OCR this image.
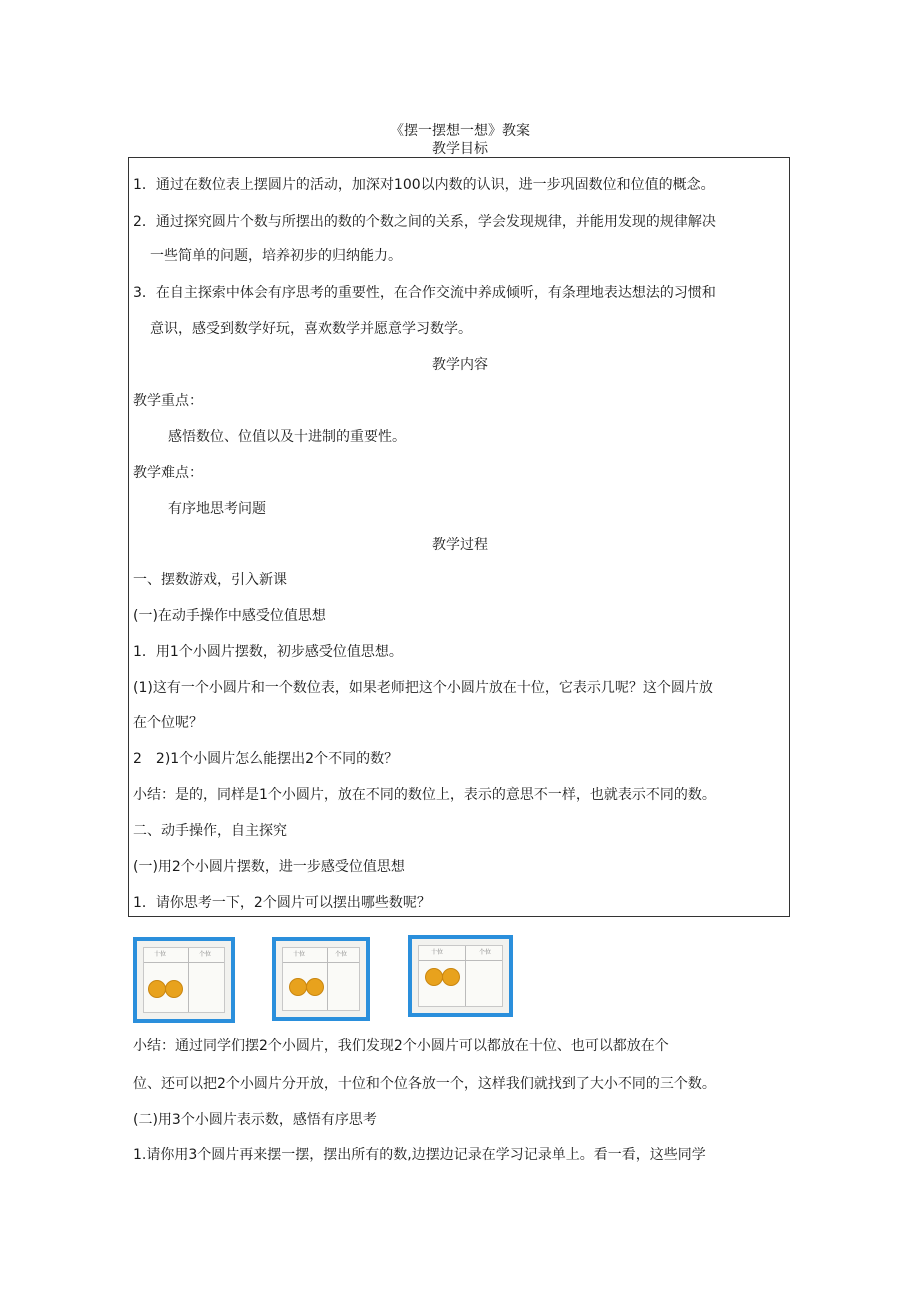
《摆一摆想一想》教案
教学目标
1．通过在数位表上摆圆片的活动，加深对100以内数的认识，进一步巩固数位和位值的概念。
2．通过探究圆片个数与所摆出的数的个数之间的关系，学会发现规律，并能用发现的规律解决
一些简单的问题，培养初步的归纳能力。
3．在自主探索中体会有序思考的重要性，在合作交流中养成倾听，有条理地表达想法的习惯和
意识，感受到数学好玩，喜欢数学并愿意学习数学。
教学内容
教学重点：
感悟数位、位值以及十进制的重要性。
教学难点：
有序地思考问题
教学过程
一、摆数游戏，引入新课
(一)在动手操作中感受位值思想
1．用1个小圆片摆数，初步感受位值思想。
(1)这有一个小圆片和一个数位表，如果老师把这个小圆片放在十位，它表示几呢？这个圆片放
在个位呢？
2　2)1个小圆片怎么能摆出2个不同的数？
小结：是的，同样是1个小圆片，放在不同的数位上，表示的意思不一样，也就表示不同的数。
二、动手操作，自主探究
(一)用2个小圆片摆数，进一步感受位值思想
1．请你思考一下，2个圆片可以摆出哪些数呢？
十位	个位	十位	个位	十位	个位
小结：通过同学们摆2个小圆片，我们发现2个小圆片可以都放在十位、也可以都放在个
位、还可以把2个小圆片分开放，十位和个位各放一个，这样我们就找到了大小不同的三个数。
(二)用3个小圆片表示数，感悟有序思考
1.请你用3个圆片再来摆一摆，摆出所有的数,边摆边记录在学习记录单上。看一看，这些同学
